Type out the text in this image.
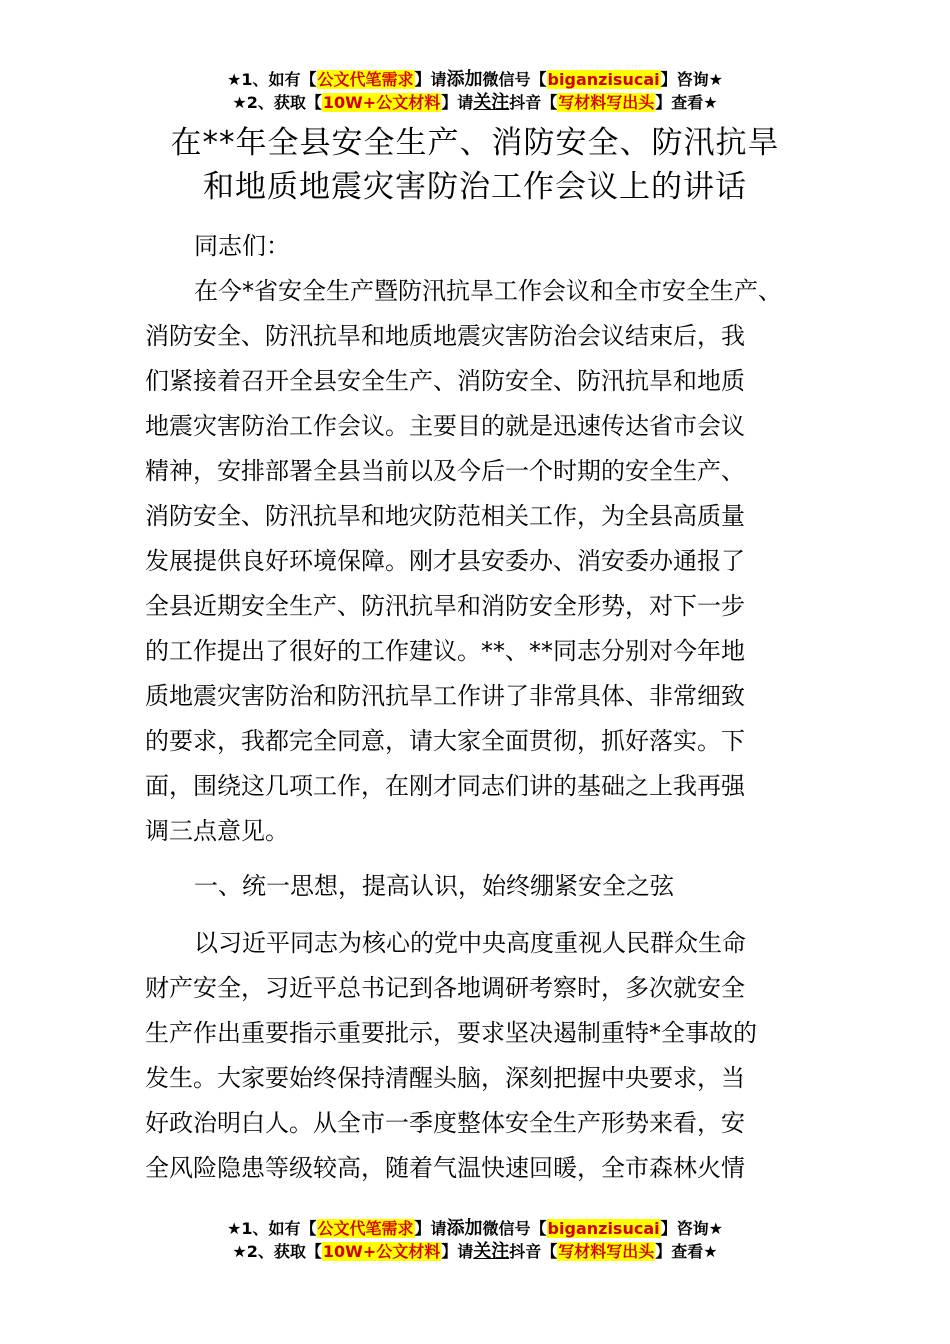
★1、如有【公文代笔需求】请添加微信号【biganzisucai】咨询★
★2、获取【10W+公文材料】请关注抖音【写材料写出头】查看★
在**年全县安全生产、消防安全、防汛抗旱
和地质地震灾害防治工作会议上的讲话
同志们：
在今*省安全生产暨防汛抗旱工作会议和全市安全生产、
消防安全、防汛抗旱和地质地震灾害防治会议结束后，我
们紧接着召开全县安全生产、消防安全、防汛抗旱和地质
地震灾害防治工作会议。主要目的就是迅速传达省市会议
精神，安排部署全县当前以及今后一个时期的安全生产、
消防安全、防汛抗旱和地灾防范相关工作，为全县高质量
发展提供良好环境保障。刚才县安委办、消安委办通报了
全县近期安全生产、防汛抗旱和消防安全形势，对下一步
的工作提出了很好的工作建议。**、**同志分别对今年地
质地震灾害防治和防汛抗旱工作讲了非常具体、非常细致
的要求，我都完全同意，请大家全面贯彻，抓好落实。下
面，围绕这几项工作，在刚才同志们讲的基础之上我再强
调三点意见。
一、统一思想，提高认识，始终绷紧安全之弦
以习近平同志为核心的党中央高度重视人民群众生命
财产安全，习近平总书记到各地调研考察时，多次就安全
生产作出重要指示重要批示，要求坚决遏制重特*全事故的
发生。大家要始终保持清醒头脑，深刻把握中央要求，当
好政治明白人。从全市一季度整体安全生产形势来看，安
全风险隐患等级较高，随着气温快速回暖，全市森林火情
★1、如有【公文代笔需求】请添加微信号【biganzisucai】咨询★
★2、获取【10W+公文材料】请关注抖音【写材料写出头】查看★
